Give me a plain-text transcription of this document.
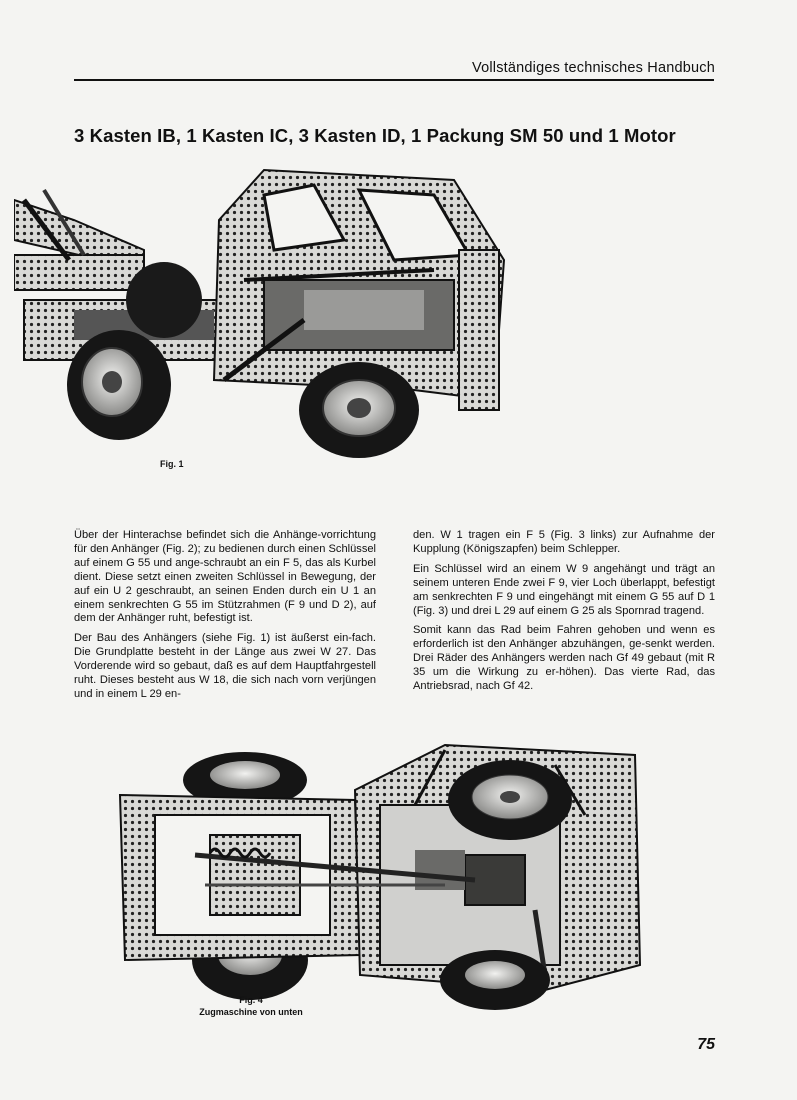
Vollständiges technisches Handbuch
3 Kasten IB, 1 Kasten IC, 3 Kasten ID, 1 Packung SM 50 und 1 Motor
Fig. 1

Über der Hinterachse befindet sich die Anhänge-vorrichtung für den Anhänger (Fig. 2); zu bedienen durch einen Schlüssel auf einem G 55 und ange-schraubt an ein F 5, das als Kurbel dient. Diese setzt einen zweiten Schlüssel in Bewegung, der auf ein U 2 geschraubt, an seinen Enden durch ein U 1 an einem senkrechten G 55 im Stützrahmen (F 9 und D 2), auf dem der Anhänger ruht, befestigt ist.

Der Bau des Anhängers (siehe Fig. 1) ist äußerst ein-fach. Die Grundplatte besteht in der Länge aus zwei W 27. Das Vorderende wird so gebaut, daß es auf dem Hauptfahrgestell ruht. Dieses besteht aus W 18, die sich nach vorn verjüngen und in einem L 29 en-

den. W 1 tragen ein F 5 (Fig. 3 links) zur Aufnahme der Kupplung (Königszapfen) beim Schlepper.

Ein Schlüssel wird an einem W 9 angehängt und trägt an seinem unteren Ende zwei F 9, vier Loch überlappt, befestigt am senkrechten F 9 und eingehängt mit einem G 55 auf D 1 (Fig. 3) und drei L 29 auf einem G 25 als Spornrad tragend.

Somit kann das Rad beim Fahren gehoben und wenn es erforderlich ist den Anhänger abzuhängen, ge-senkt werden. Drei Räder des Anhängers werden nach Gf 49 gebaut (mit R 35 um die Wirkung zu er-höhen). Das vierte Rad, das Antriebsrad, nach Gf 42.

Fig. 4
Zugmaschine von unten
75
